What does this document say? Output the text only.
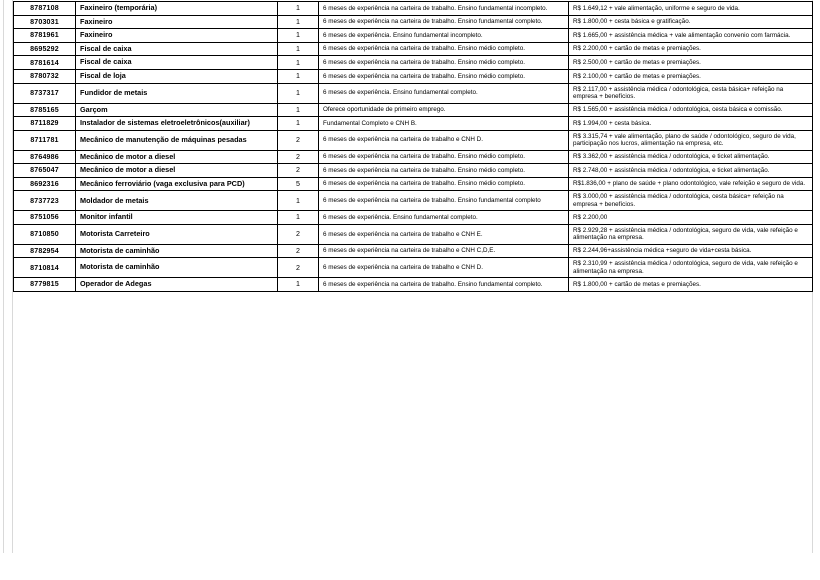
8787108	Faxineiro (temporária)	1	6 meses de experiência na carteira de trabalho. Ensino fundamental incompleto.	R$ 1.649,12 + vale alimentação, uniforme e seguro de vida.
8703031	Faxineiro	1	6 meses de experiência na carteira de trabalho. Ensino fundamental completo.	R$ 1.800,00 + cesta básica e gratificação.
8781961	Faxineiro	1	6 meses de experiência. Ensino fundamental incompleto.	R$ 1.665,00 + assistência médica + vale alimentação convenio com farmácia.
8695292	Fiscal de caixa	1	6 meses de experiência na carteira de trabalho. Ensino médio completo.	R$ 2.200,00 + cartão de metas e premiações.
8781614	Fiscal de caixa	1	6 meses de experiência na carteira de trabalho. Ensino médio completo.	R$ 2.500,00 + cartão de metas e premiações.
8780732	Fiscal de loja	1	6 meses de experiência na carteira de trabalho. Ensino médio completo.	R$ 2.100,00 + cartão de metas e premiações.
8737317	Fundidor de metais	1	6 meses de experiência. Ensino fundamental completo.	R$ 2.117,00 + assistência médica / odontológica, cesta básica+ refeição na empresa + benefícios.
8785165	Garçom	1	Oferece oportunidade de primeiro emprego.	R$ 1.565,00 + assistência médica / odontológica, cesta básica e comissão.
8711829	Instalador de sistemas eletroeletrônicos(auxiliar)	1	Fundamental Completo e CNH B.	R$ 1.994,00 + cesta básica.
8711781	Mecânico de manutenção de máquinas pesadas	2	6 meses de experiência na carteira de trabalho e CNH D.	R$ 3.315,74 + vale alimentação, plano de saúde / odontológico, seguro de vida, participação nos lucros, alimentação na empresa, etc.
8764986	Mecânico de motor a diesel	2	6 meses de experiência na carteira de trabalho. Ensino médio completo.	R$ 3.362,00 + assistência médica / odontológica, e ticket alimentação.
8765047	Mecânico de motor a diesel	2	6 meses de experiência na carteira de trabalho. Ensino médio completo.	R$ 2.748,00 + assistência médica / odontológica, e ticket alimentação.
8692316	Mecânico ferroviário (vaga exclusiva para PCD)	5	6 meses de experiência na carteira de trabalho. Ensino médio completo.	R$1.836,00 + plano de saúde + plano odontológico, vale refeição e seguro de vida.
8737723	Moldador de metais	1	6 meses de experiência na carteira de trabalho. Ensino fundamental completo	R$ 3.000,00 + assistência médica / odontológica, cesta básica+ refeição na empresa + benefícios.
8751056	Monitor infantil	1	6 meses de experiência. Ensino fundamental completo.	R$ 2.200,00
8710850	Motorista Carreteiro	2	6 meses de experiência na carteira de trabalho e CNH E.	R$ 2.929,28 + assistência médica / odontológica, seguro de vida, vale refeição e alimentação na empresa.
8782954	Motorista de caminhão	2	6 meses de experiência na carteira de trabalho e CNH C,D,E.	R$ 2.244,96+assistência médica +seguro de vida+cesta básica.
8710814	Motorista de caminhão	2	6 meses de experiência na carteira de trabalho e CNH D.	R$ 2.310,99 + assistência médica / odontológica, seguro de vida, vale refeição e alimentação na empresa.
8779815	Operador de Adegas	1	6 meses de experiência na carteira de trabalho. Ensino fundamental completo.	R$ 1.800,00 + cartão de metas e premiações.
